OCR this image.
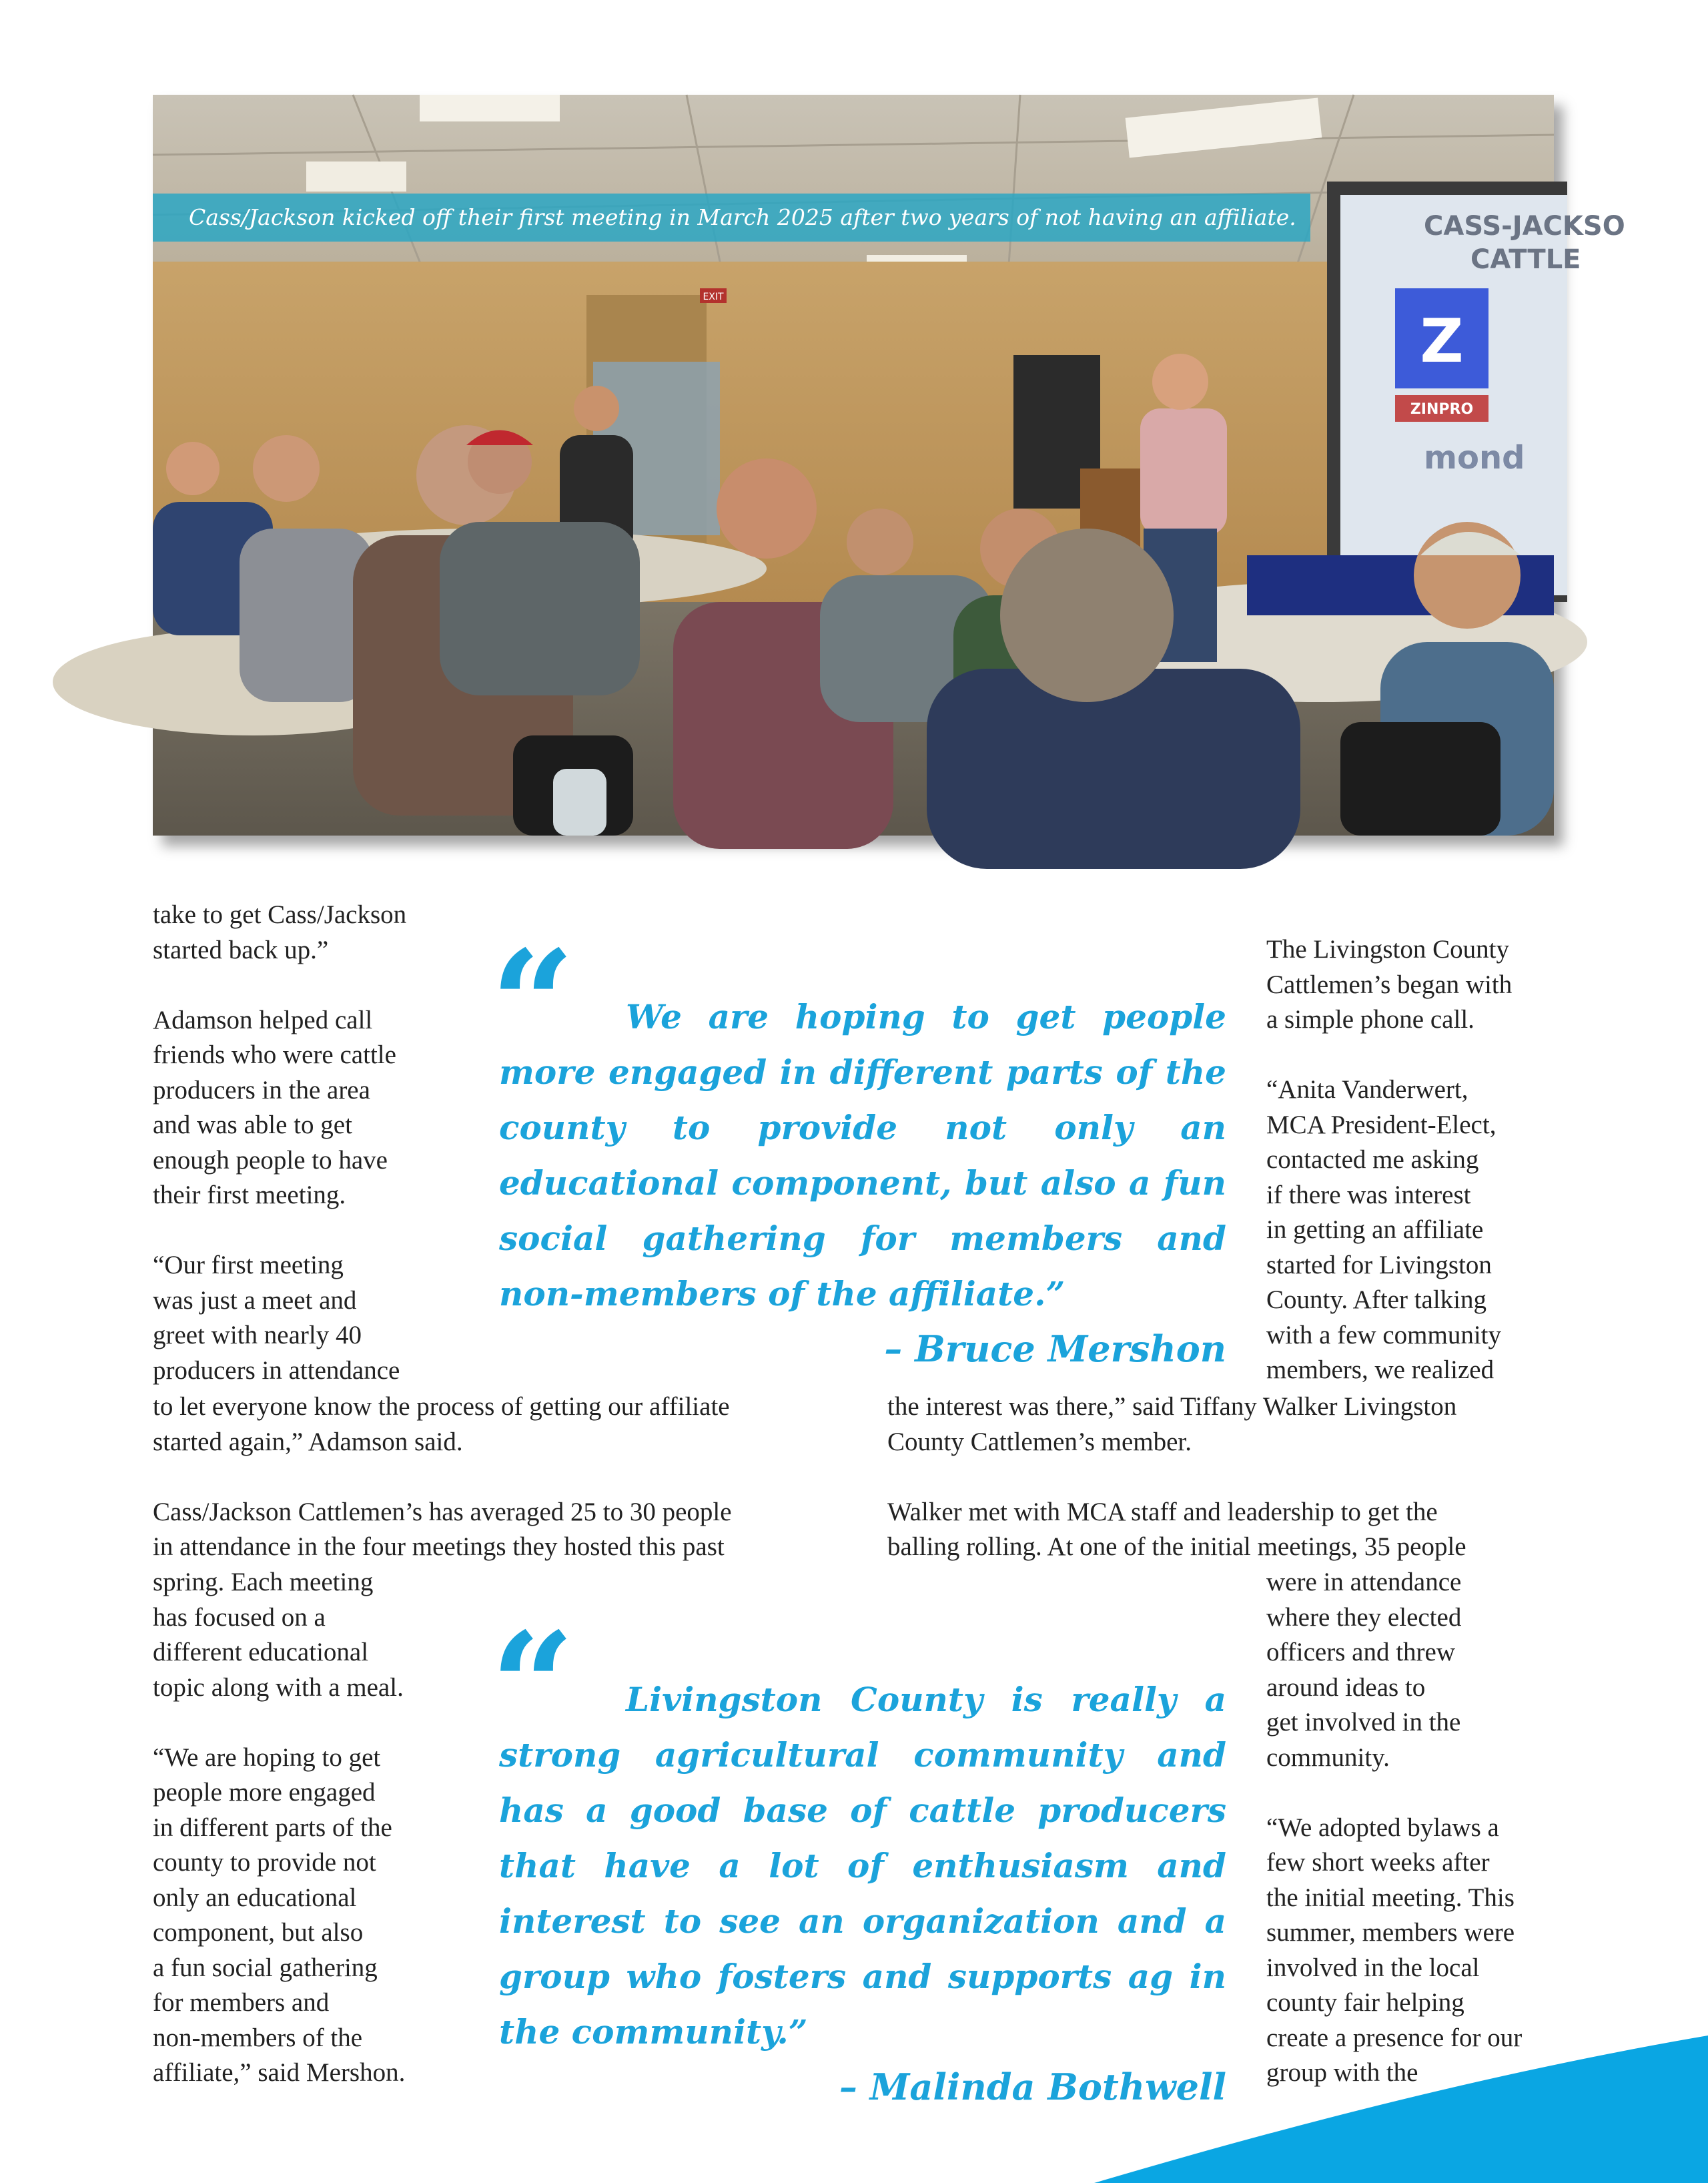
EXIT
CASS-JACKSO
CATTLE
Z
ZINPRO
mond
Cass/Jackson kicked off their first meeting in March 2025 after two years of not having an affiliate.

take to get Cass/Jackson
started back up.”

Adamson helped call
friends who were cattle
producers in the area
and was able to get
enough people to have
their first meeting.

“Our first meeting
was just a meet and
greet with nearly 40
producers in attendance

to let everyone know the process of getting our affiliate
started again,” Adamson said.

Cass/Jackson Cattlemen’s has averaged 25 to 30 people
in attendance in the four meetings they hosted this past

spring. Each meeting
has focused on a
different educational
topic along with a meal.

“We are hoping to get
people more engaged
in different parts of the
county to provide not
only an educational
component, but also
a fun social gathering
for members and
non-members of the
affiliate,” said Mershon.

The Livingston County
Cattlemen’s began with
a simple phone call.

“Anita Vanderwert,
MCA President-Elect,
contacted me asking
if there was interest
in getting an affiliate
started for Livingston
County. After talking
with a few community
members, we realized

the interest was there,” said Tiffany Walker Livingston
County Cattlemen’s member.

Walker met with MCA staff and leadership to get the
balling rolling. At one of the initial meetings, 35 people

were in attendance
where they elected
officers and threw
around ideas to
get involved in the
community.

“We adopted bylaws a
few short weeks after
the initial meeting. This
summer, members were
involved in the local
county fair helping
create a presence for our
group with the

“	We are hoping to get people more engaged in different parts of the county to provide not only an educational component, but also a fun social gathering for members and non-members of the affiliate.”
– Bruce Mershon
“	Livingston County is really a strong agricultural community and has a good base of cattle producers that have a lot of enthusiasm and interest to see an organization and a group who fosters and supports ag in the community.”
– Malinda Bothwell
